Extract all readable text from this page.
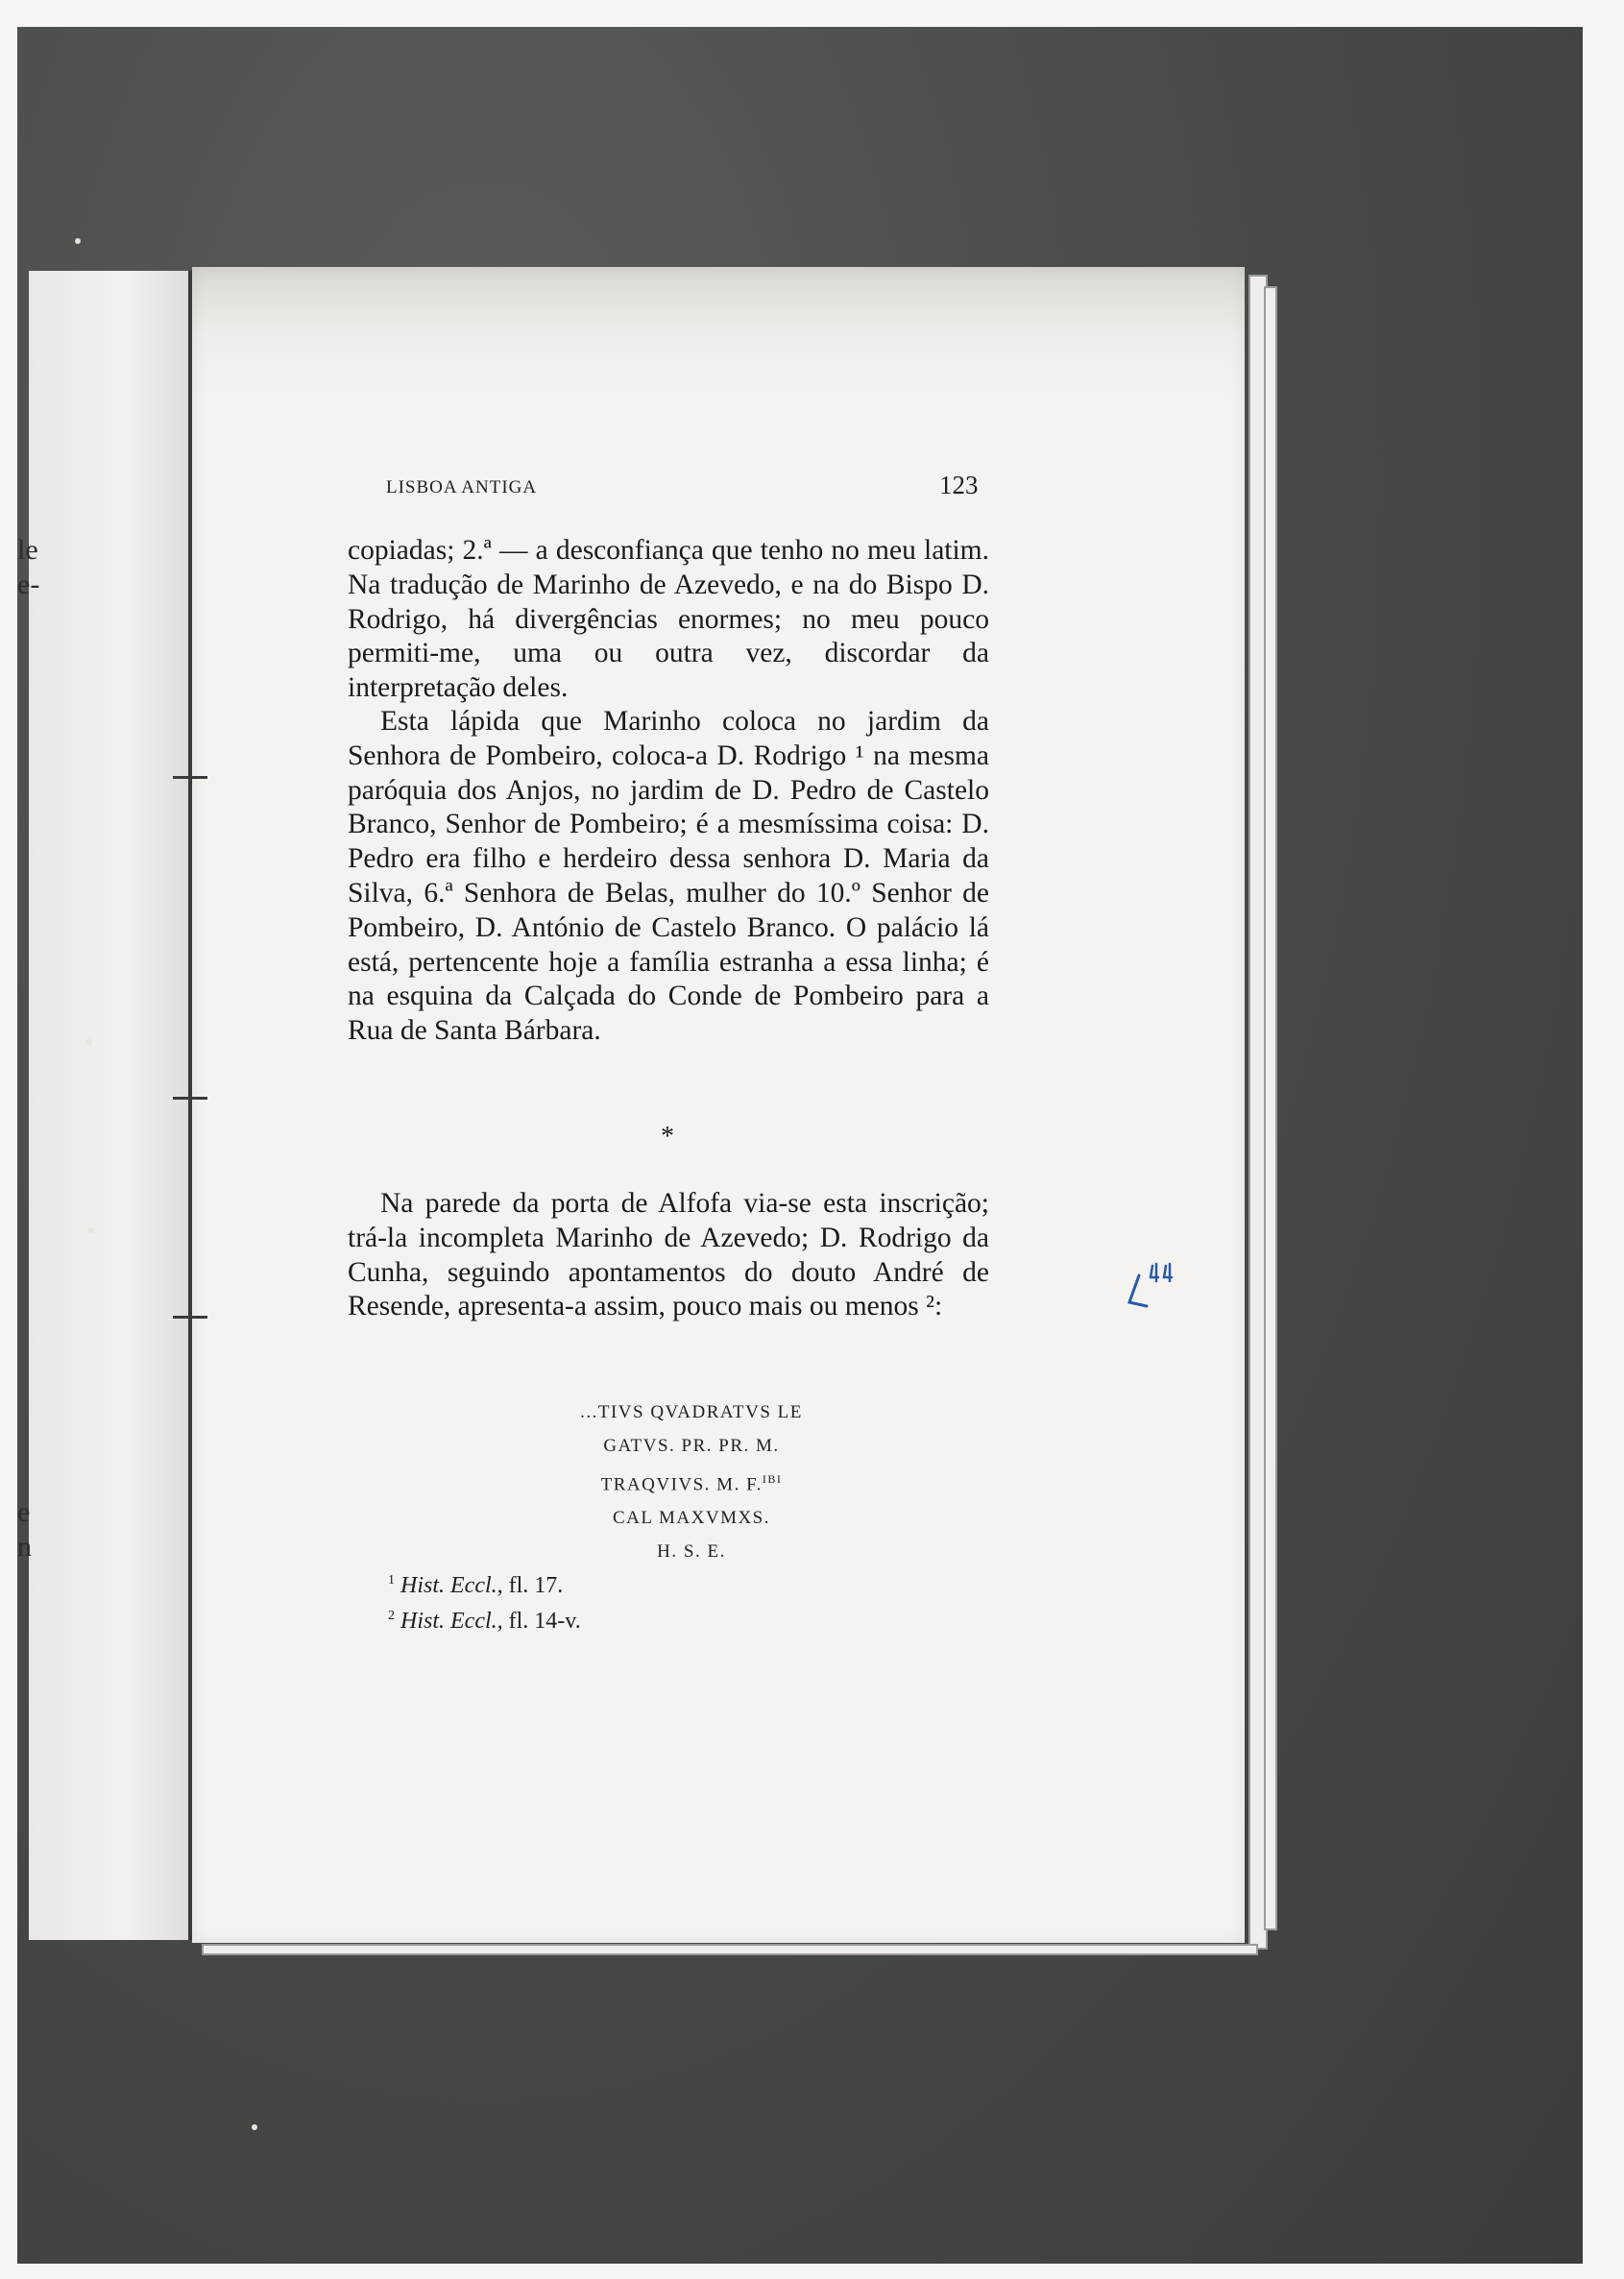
le
e-
e
n
LISBOA ANTIGA	123

copiadas; 2.ª — a desconfiança que tenho no meu latim. Na tradução de Marinho de Azevedo, e na do Bispo D. Rodrigo, há divergências enormes; no meu pouco permiti-me, uma ou outra vez, discordar da interpretação deles.

Esta lápida que Marinho coloca no jardim da Senhora de Pombeiro, coloca-a D. Rodrigo ¹ na mesma paróquia dos Anjos, no jardim de D. Pedro de Castelo Branco, Senhor de Pombeiro; é a mesmíssima coisa: D. Pedro era filho e herdeiro dessa senhora D. Maria da Silva, 6.ª Senhora de Belas, mulher do 10.º Senhor de Pombeiro, D. António de Castelo Branco. O palácio lá está, pertencente hoje a família estranha a essa linha; é na esquina da Calçada do Conde de Pombeiro para a Rua de Santa Bárbara.

*

Na parede da porta de Alfofa via-se esta inscrição; trá-la incompleta Marinho de Azevedo; D. Rodrigo da Cunha, seguindo apontamentos do douto André de Resende, apresenta-a assim, pouco mais ou menos ²:

...TIVS QVADRATVS LE
GATVS. PR. PR. M.
TRAQVIVS. M. F.$^{IBI}$
CAL MAXVMXS.
H. S. E.
$^1$ Hist. Eccl., fl. 17.
$^2$ Hist. Eccl., fl. 14-v.
